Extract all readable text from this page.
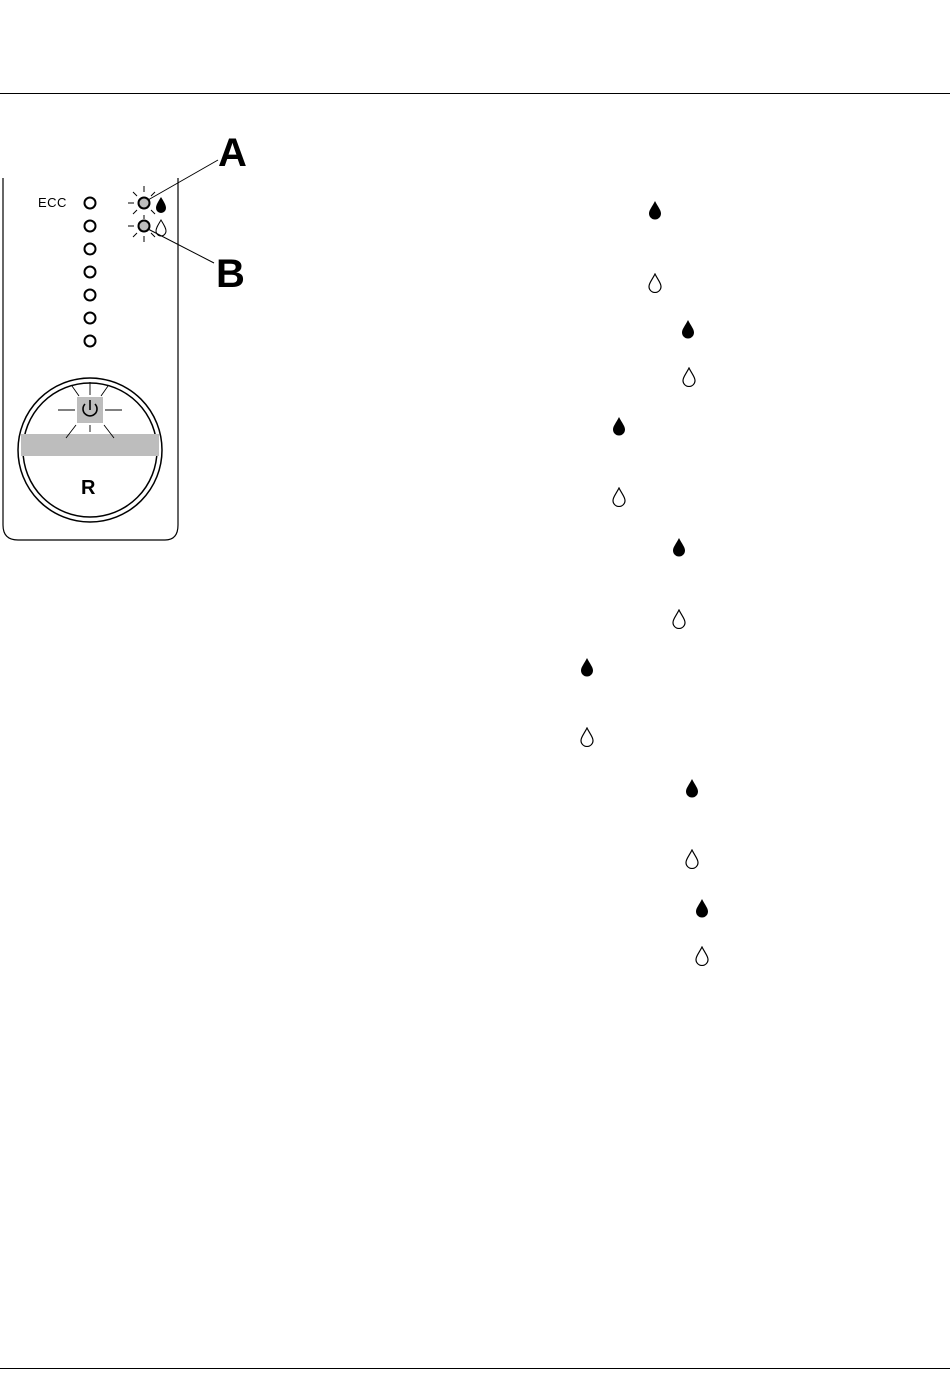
ECC
A
B
R
